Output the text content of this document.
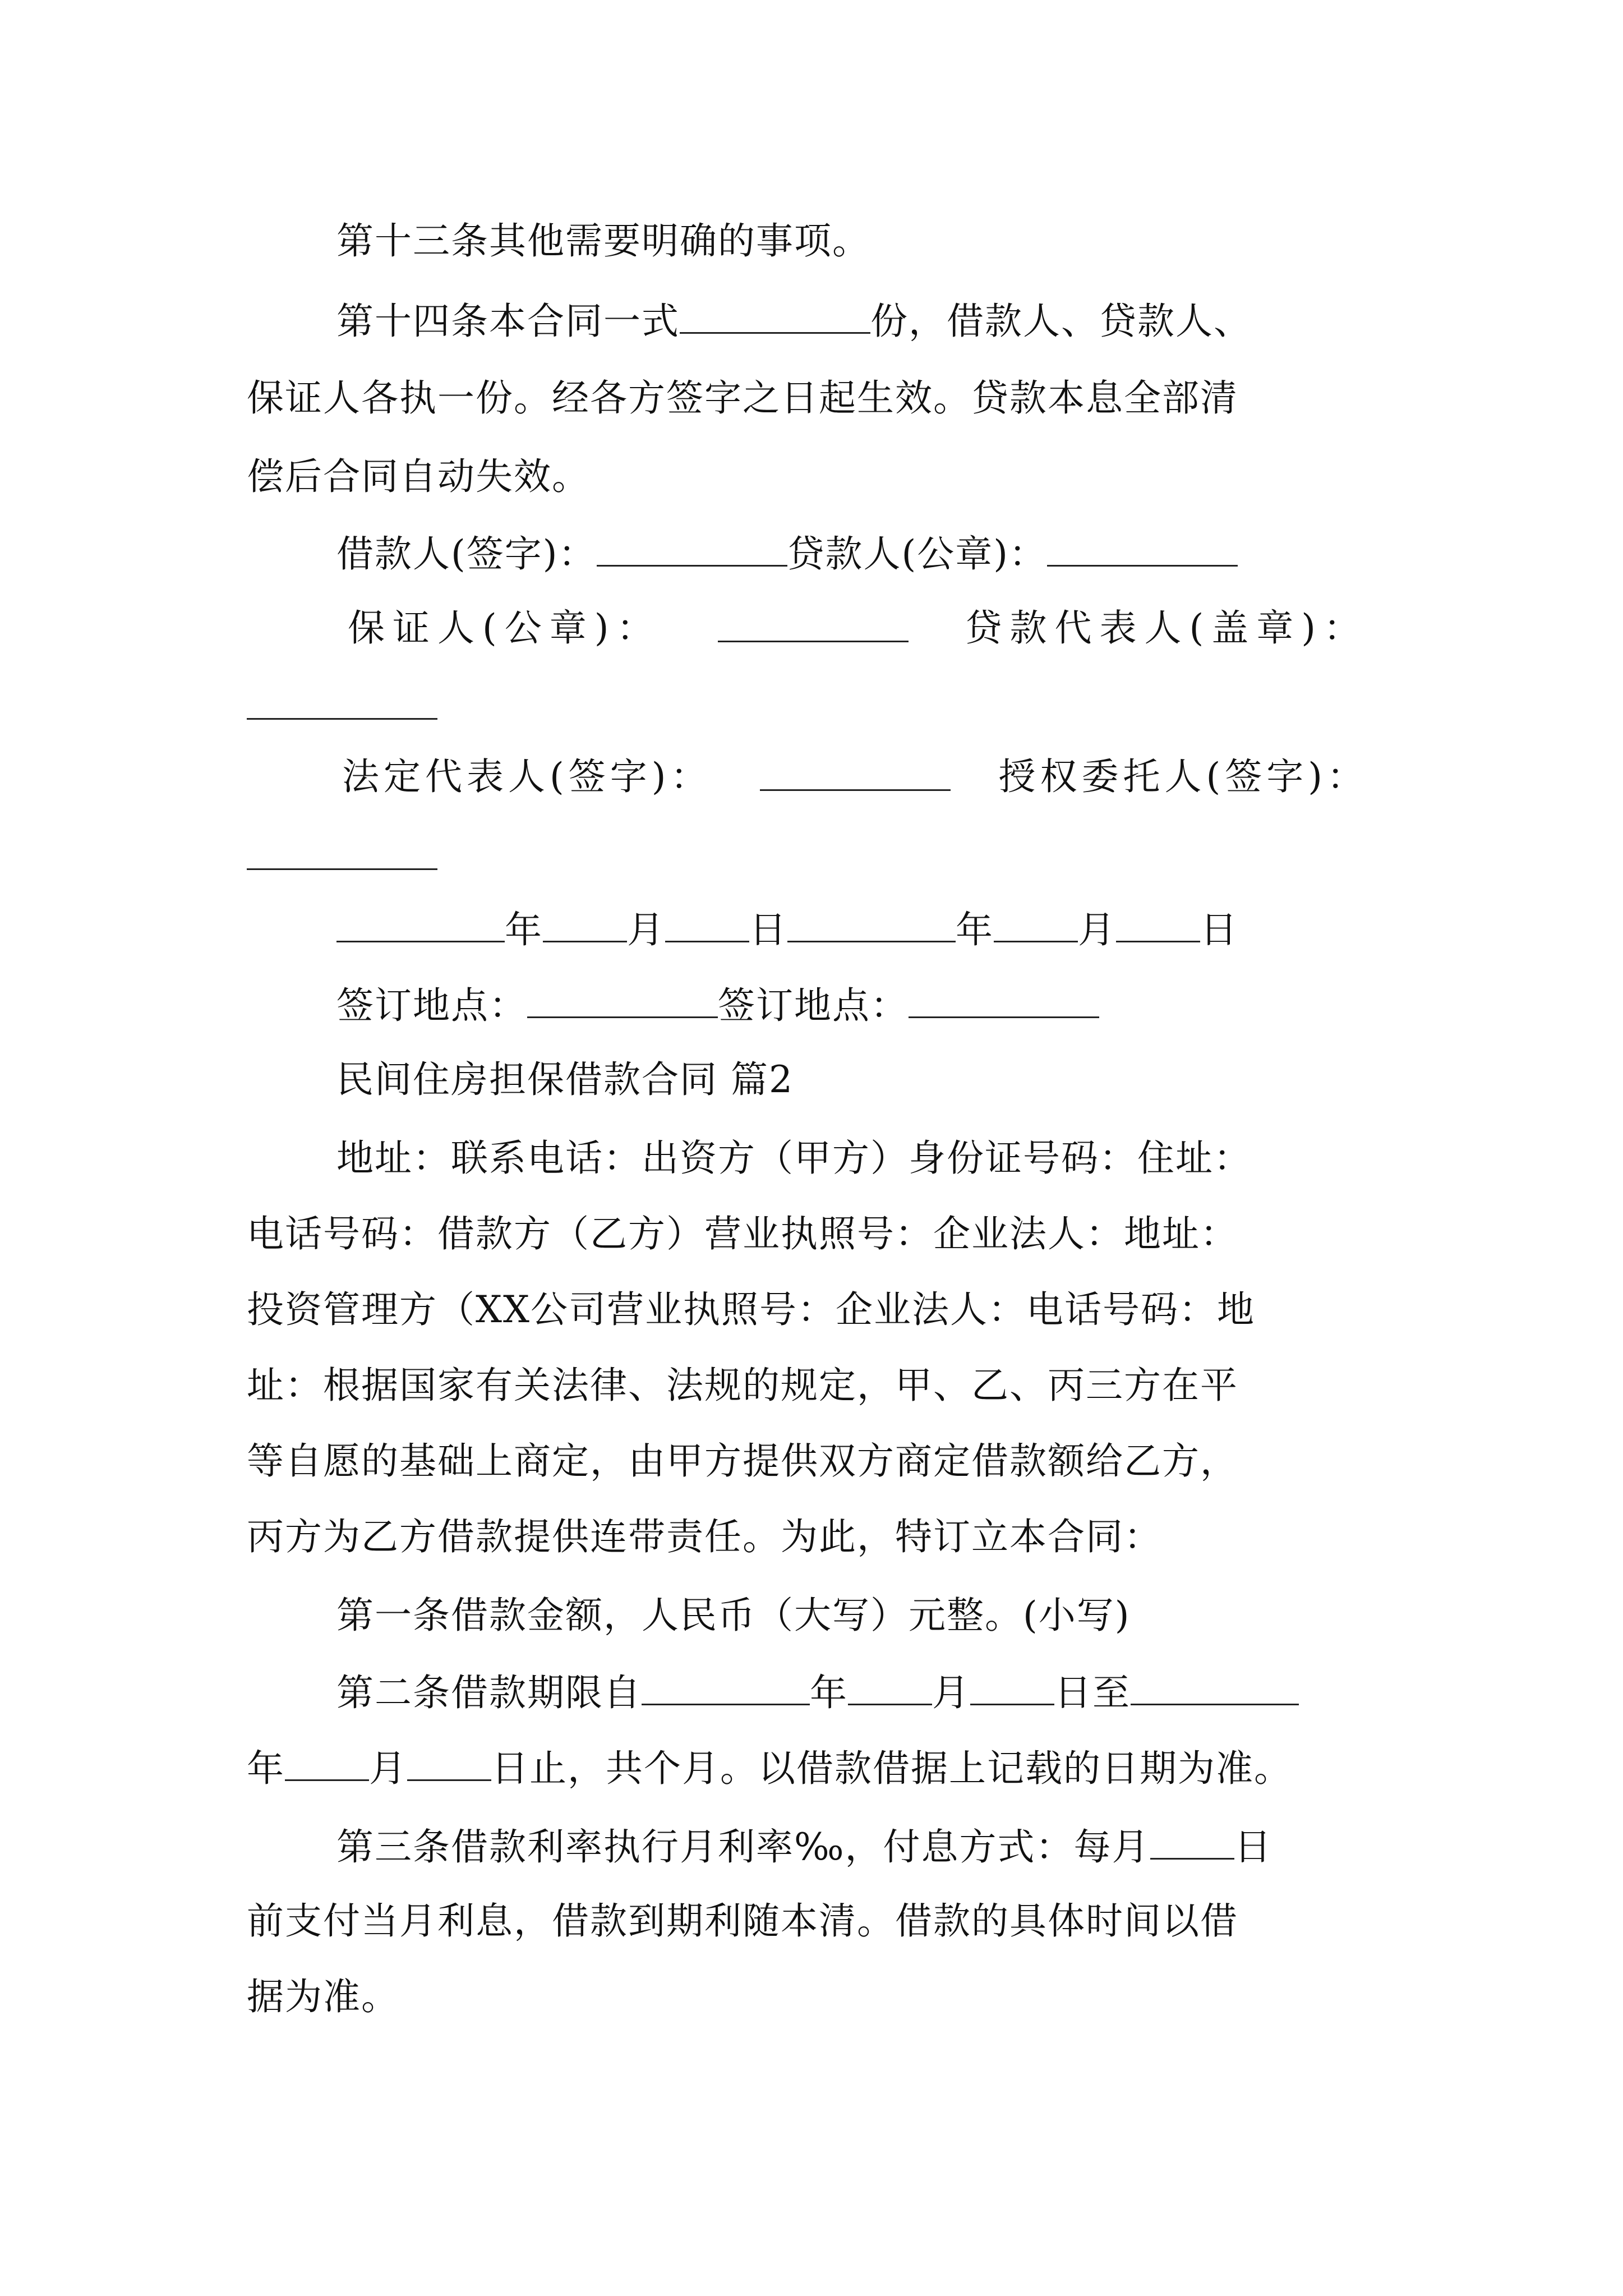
第十三条其他需要明确的事项。
第十四条本合同一式	份，借款人、贷款人、
保证人各执一份。经各方签字之日起生效。贷款本息全部清
偿后合同自动失效。
借款人(签字)：	贷款人(公章)：
保证人(公章)：	贷款代表人(盖章)：
法定代表人(签字)：	授权委托人(签字)：
年 月 日	年 月 日
签订地点：	签订地点：
民间住房担保借款合同 篇2
地址：联系电话：出资方（甲方）身份证号码：住址：
电话号码：借款方（乙方）营业执照号：企业法人：地址：
投资管理方（XX公司营业执照号：企业法人：电话号码：地
址：根据国家有关法律、法规的规定，甲、乙、丙三方在平
等自愿的基础上商定，由甲方提供双方商定借款额给乙方，
丙方为乙方借款提供连带责任。为此，特订立本合同：
第一条借款金额，人民币（大写）元整。(小写)
第二条借款期限自	年 月 日至
年 月 日止，共个月。以借款借据上记载的日期为准。
第三条借款利率执行月利率‰，付息方式：每月 日
前支付当月利息，借款到期利随本清。借款的具体时间以借
据为准。
